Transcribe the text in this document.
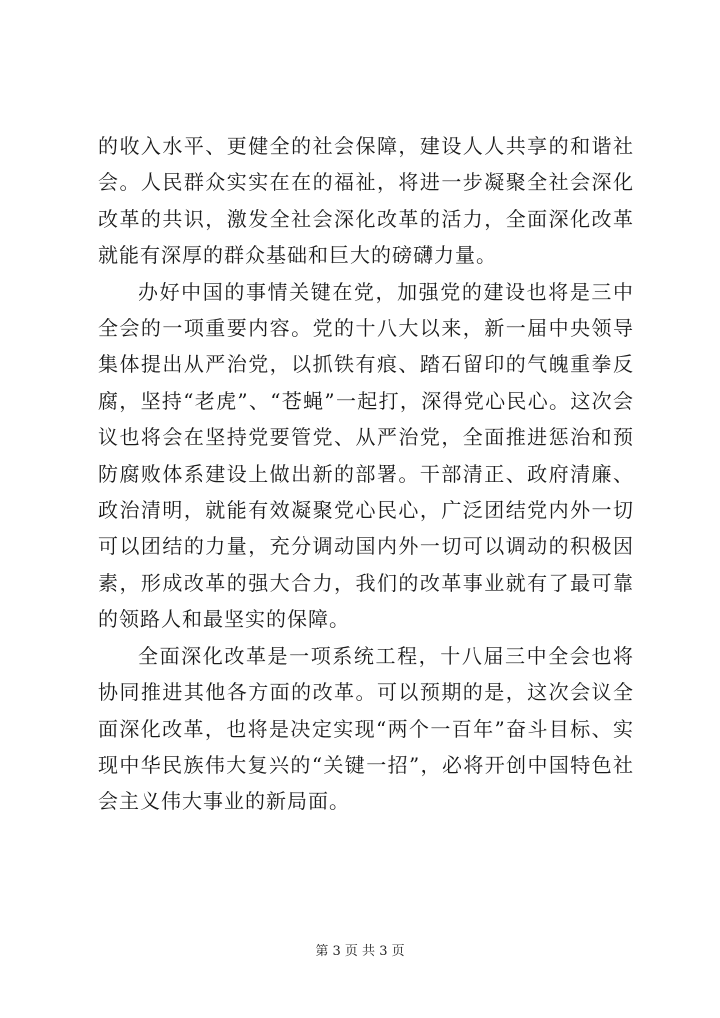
的收入水平、更健全的社会保障，建设人人共享的和谐社会。人民群众实实在在的福祉，将进一步凝聚全社会深化改革的共识，激发全社会深化改革的活力，全面深化改革就能有深厚的群众基础和巨大的磅礴力量。

办好中国的事情关键在党，加强党的建设也将是三中全会的一项重要内容。党的十八大以来，新一届中央领导集体提出从严治党，以抓铁有痕、踏石留印的气魄重拳反腐，坚持“老虎”、“苍蝇”一起打，深得党心民心。这次会议也将会在坚持党要管党、从严治党，全面推进惩治和预防腐败体系建设上做出新的部署。干部清正、政府清廉、政治清明，就能有效凝聚党心民心，广泛团结党内外一切可以团结的力量，充分调动国内外一切可以调动的积极因素，形成改革的强大合力，我们的改革事业就有了最可靠的领路人和最坚实的保障。

全面深化改革是一项系统工程，十八届三中全会也将协同推进其他各方面的改革。可以预期的是，这次会议全面深化改革，也将是决定实现“两个一百年”奋斗目标、实现中华民族伟大复兴的“关键一招”，必将开创中国特色社会主义伟大事业的新局面。

第 3 页 共 3 页
